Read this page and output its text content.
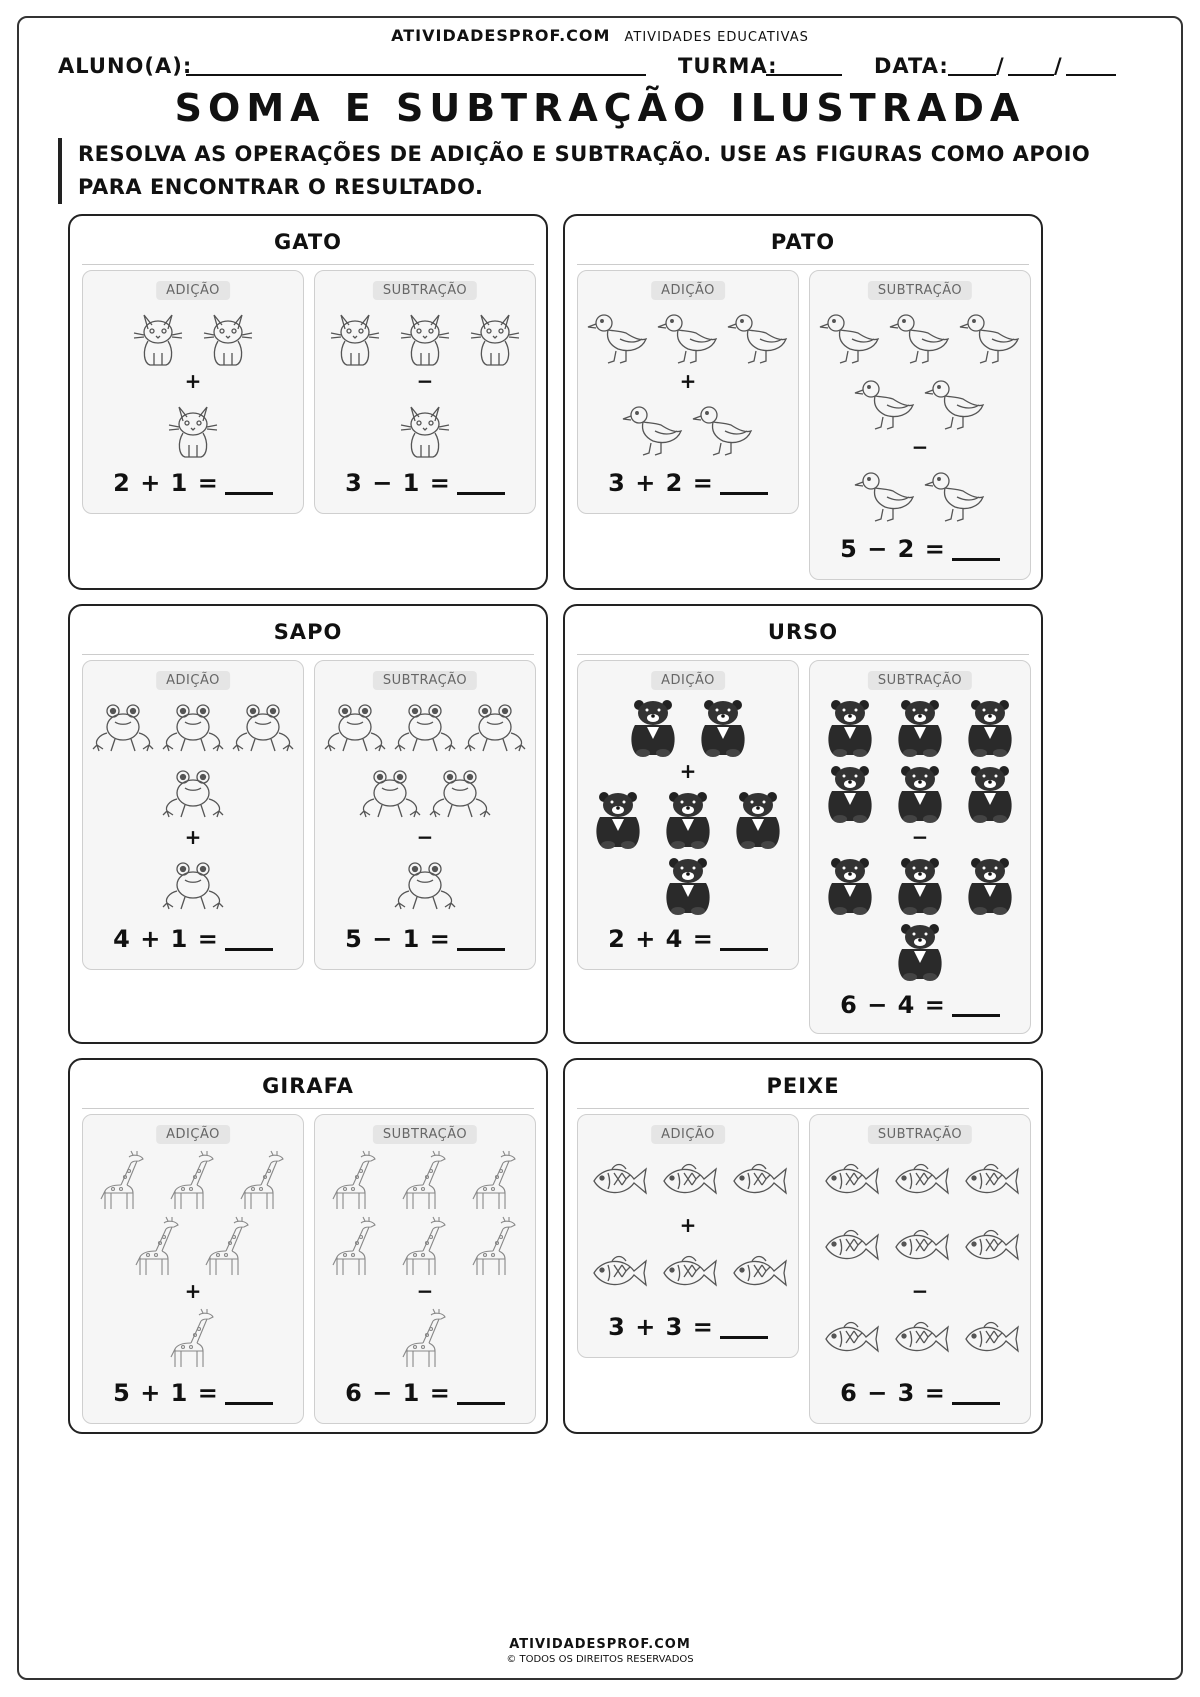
ATIVIDADESPROF.COM ATIVIDADES EDUCATIVAS
ALUNO(A):	TURMA:	DATA: / /
SOMA E SUBTRAÇÃO ILUSTRADA
RESOLVA AS OPERAÇÕES DE ADIÇÃO E SUBTRAÇÃO. USE AS FIGURAS COMO APOIO PARA ENCONTRAR O RESULTADO.
GATO
ADIÇÃO
+
2 + 1 =
SUBTRAÇÃO
−
3 − 1 =
PATO
ADIÇÃO
+
3 + 2 =
SUBTRAÇÃO
−
5 − 2 =
SAPO
ADIÇÃO
+
4 + 1 =
SUBTRAÇÃO
−
5 − 1 =
URSO
ADIÇÃO
+
2 + 4 =
SUBTRAÇÃO
−
6 − 4 =
GIRAFA
ADIÇÃO
+
5 + 1 =
SUBTRAÇÃO
−
6 − 1 =
PEIXE
ADIÇÃO
+
3 + 3 =
SUBTRAÇÃO
−
6 − 3 =
ATIVIDADESPROF.COM
© TODOS OS DIREITOS RESERVADOS
